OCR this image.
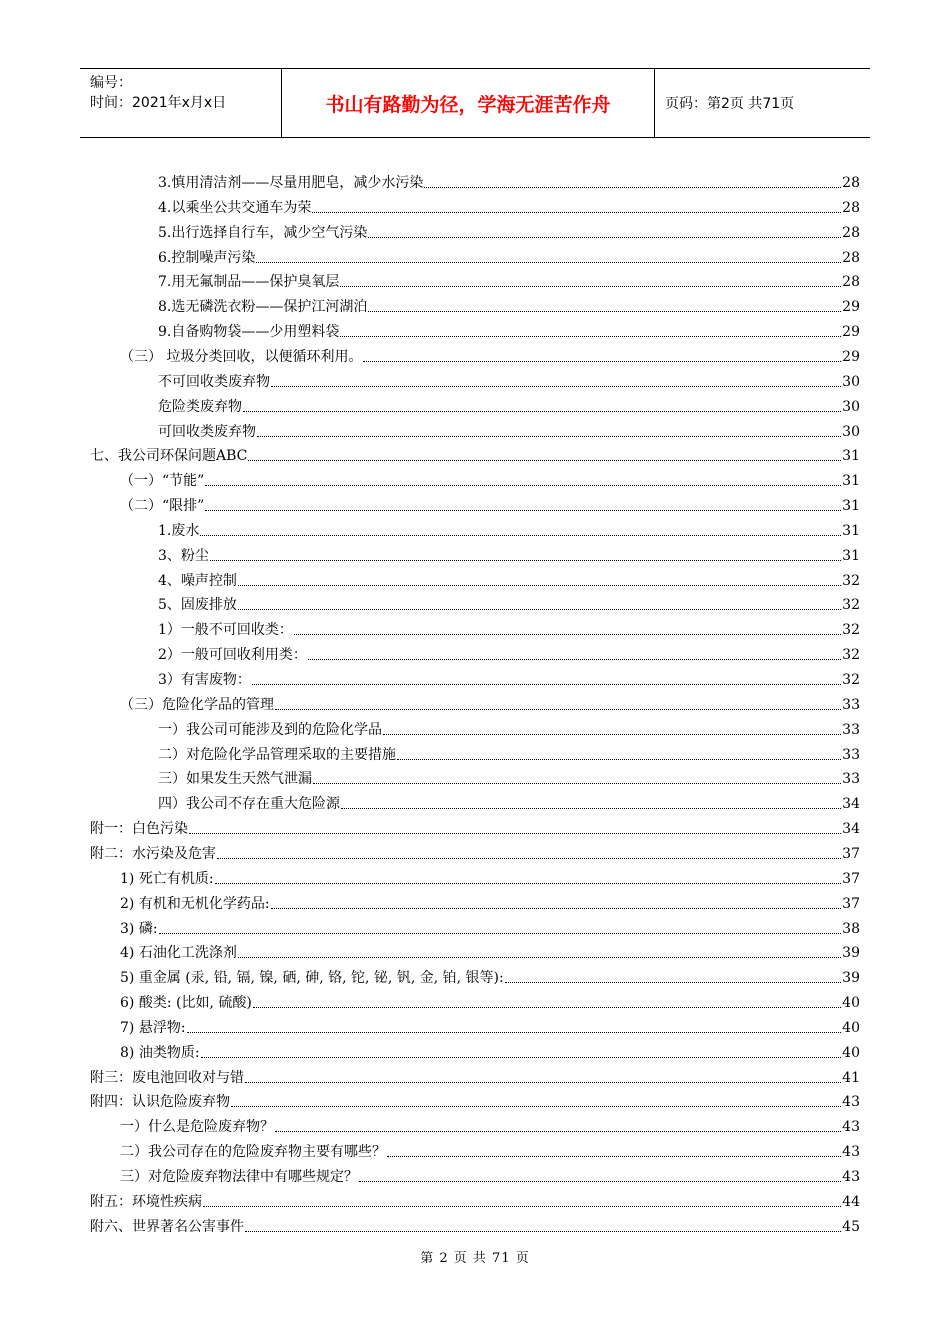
编号：
时间：2021年x月x日	书山有路勤为径，学海无涯苦作舟	页码：第2页 共71页
3.慎用清洁剂——尽量用肥皂，减少水污染	28
4.以乘坐公共交通车为荣	28
5.出行选择自行车，减少空气污染	28
6.控制噪声污染	28
7.用无氟制品——保护臭氧层	28
8.选无磷洗衣粉——保护江河湖泊	29
9.自备购物袋——少用塑料袋	29
（三） 垃圾分类回收，以便循环利用。	29
不可回收类废弃物	30
危险类废弃物	30
可回收类废弃物	30
七、我公司环保问题ABC	31
（一）“节能”	31
（二）“限排”	31
1.废水	31
3、粉尘	31
4、噪声控制	32
5、固废排放	32
1）一般不可回收类：	32
2）一般可回收利用类：	32
3）有害废物：	32
（三）危险化学品的管理	33
一）我公司可能涉及到的危险化学品	33
二）对危险化学品管理采取的主要措施	33
三）如果发生天然气泄漏	33
四）我公司不存在重大危险源	34
附一：白色污染	34
附二：水污染及危害	37
1) 死亡有机质:	37
2) 有机和无机化学药品:	37
3) 磷:	38
4) 石油化工洗涤剂	39
5) 重金属 (汞, 铅, 镉, 镍, 硒, 砷, 铬, 铊, 铋, 钒, 金, 铂, 银等):	39
6) 酸类: (比如, 硫酸)	40
7) 悬浮物:	40
8) 油类物质:	40
附三：废电池回收对与错	41
附四：认识危险废弃物	43
一）什么是危险废弃物？	43
二）我公司存在的危险废弃物主要有哪些？	43
三）对危险废弃物法律中有哪些规定？	43
附五：环境性疾病	44
附六、世界著名公害事件	45
第 2 页 共 71 页
